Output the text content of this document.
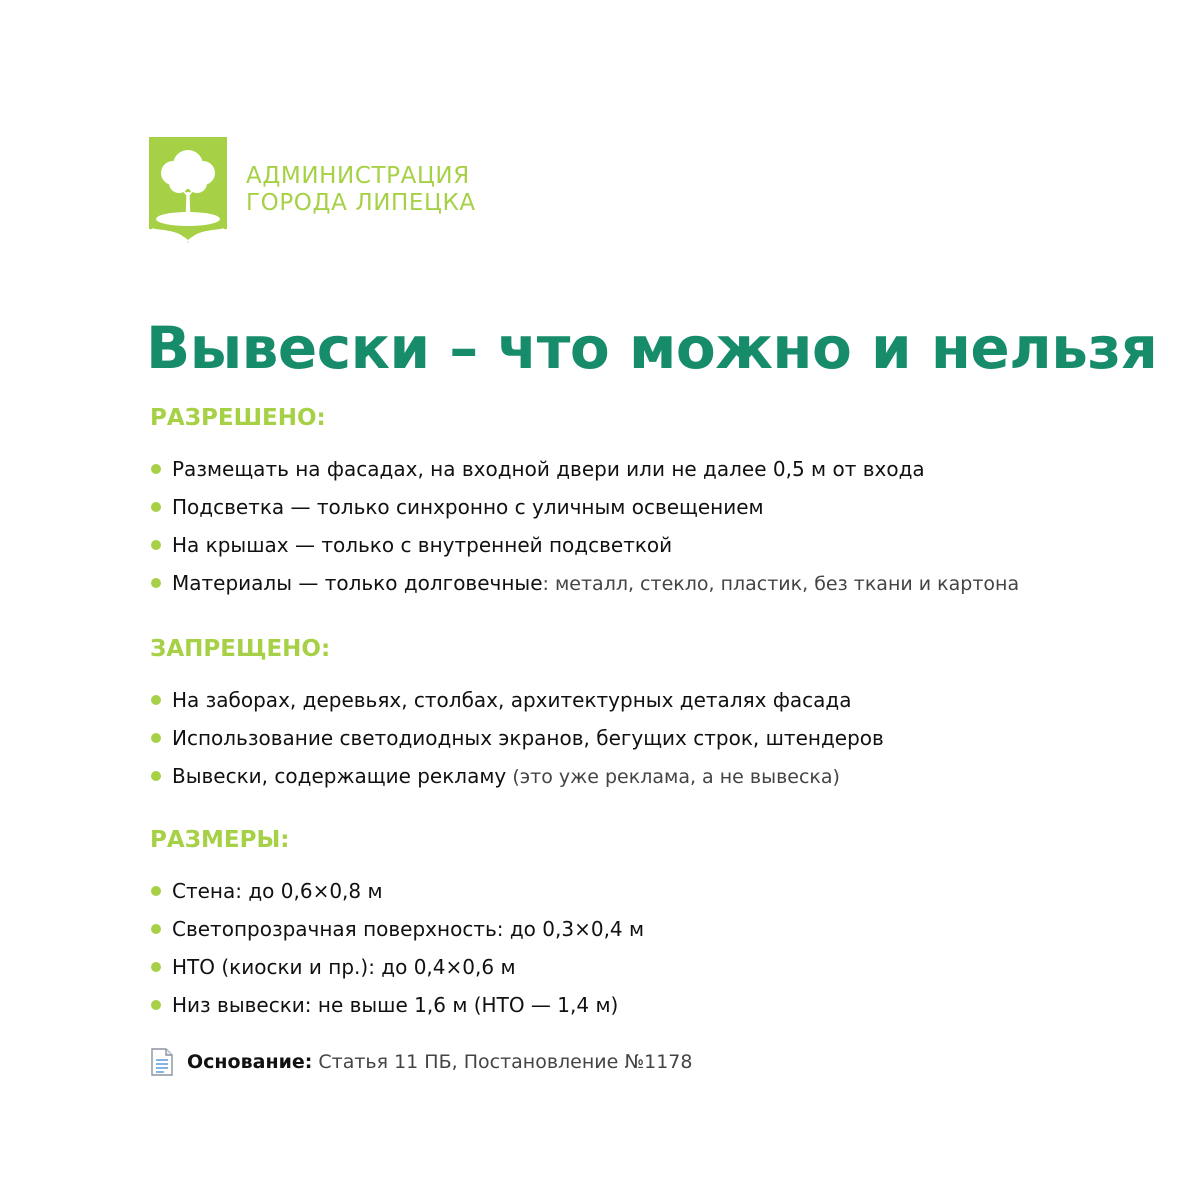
АДМИНИСТРАЦИЯ
ГОРОДА ЛИПЕЦКА
Вывески – что можно и нельзя
РАЗРЕШЕНО:
Размещать на фасадах, на входной двери или не далее 0,5 м от входа
Подсветка — только синхронно с уличным освещением
На крышах — только с внутренней подсветкой
Материалы — только долговечные: металл, стекло, пластик, без ткани и картона
ЗАПРЕЩЕНО:
На заборах, деревьях, столбах, архитектурных деталях фасада
Использование светодиодных экранов, бегущих строк, штендеров
Вывески, содержащие рекламу (это уже реклама, а не вывеска)
РАЗМЕРЫ:
Стена: до 0,6×0,8 м
Светопрозрачная поверхность: до 0,3×0,4 м
НТО (киоски и пр.): до 0,4×0,6 м
Низ вывески: не выше 1,6 м (НТО — 1,4 м)
Основание: Статья 11 ПБ, Постановление №1178
